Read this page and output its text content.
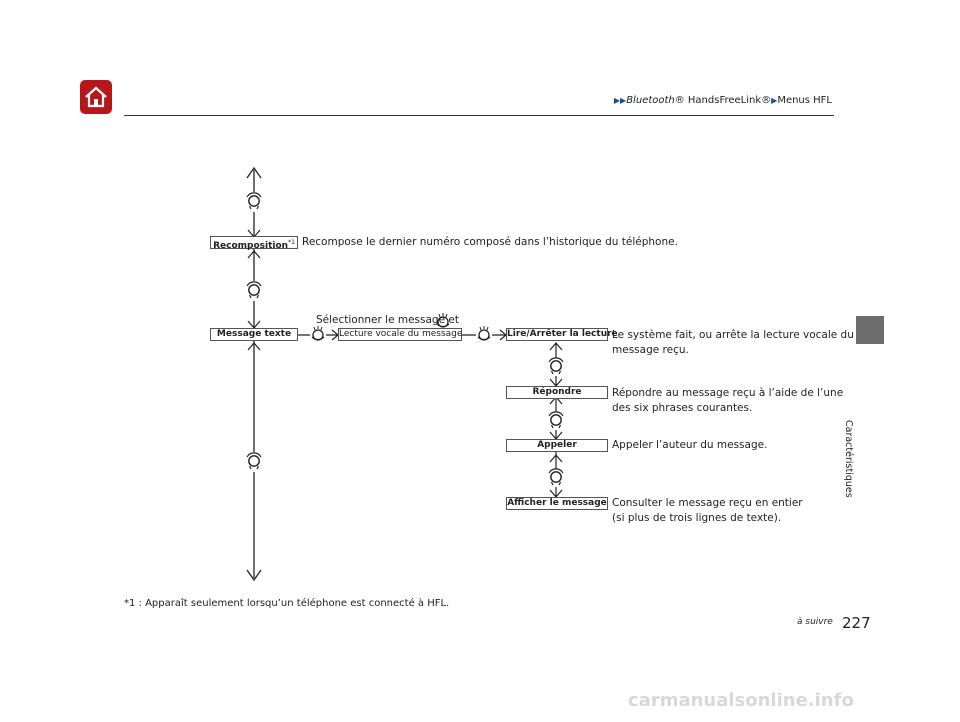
▶▶Bluetooth® HandsFreeLink®▶Menus HFL
Caractéristiques
Recomposition$^{*1}$ Recompose le dernier numéro composé dans l’historique du téléphone.
Sélectionner le message et
Message texte	Lecture vocale du message	Lire/Arrêter la lecture
Le système fait, ou arrête la lecture vocale du
message reçu.
Répondre	Répondre au message reçu à l’aide de l’une
des six phrases courantes.
Appeler	Appeler l’auteur du message.
Afficher le message Consulter le message reçu en entier
(si plus de trois lignes de texte).
*1 : Apparaît seulement lorsqu’un téléphone est connecté à HFL.
à suivre 227
carmanualsonline.info
